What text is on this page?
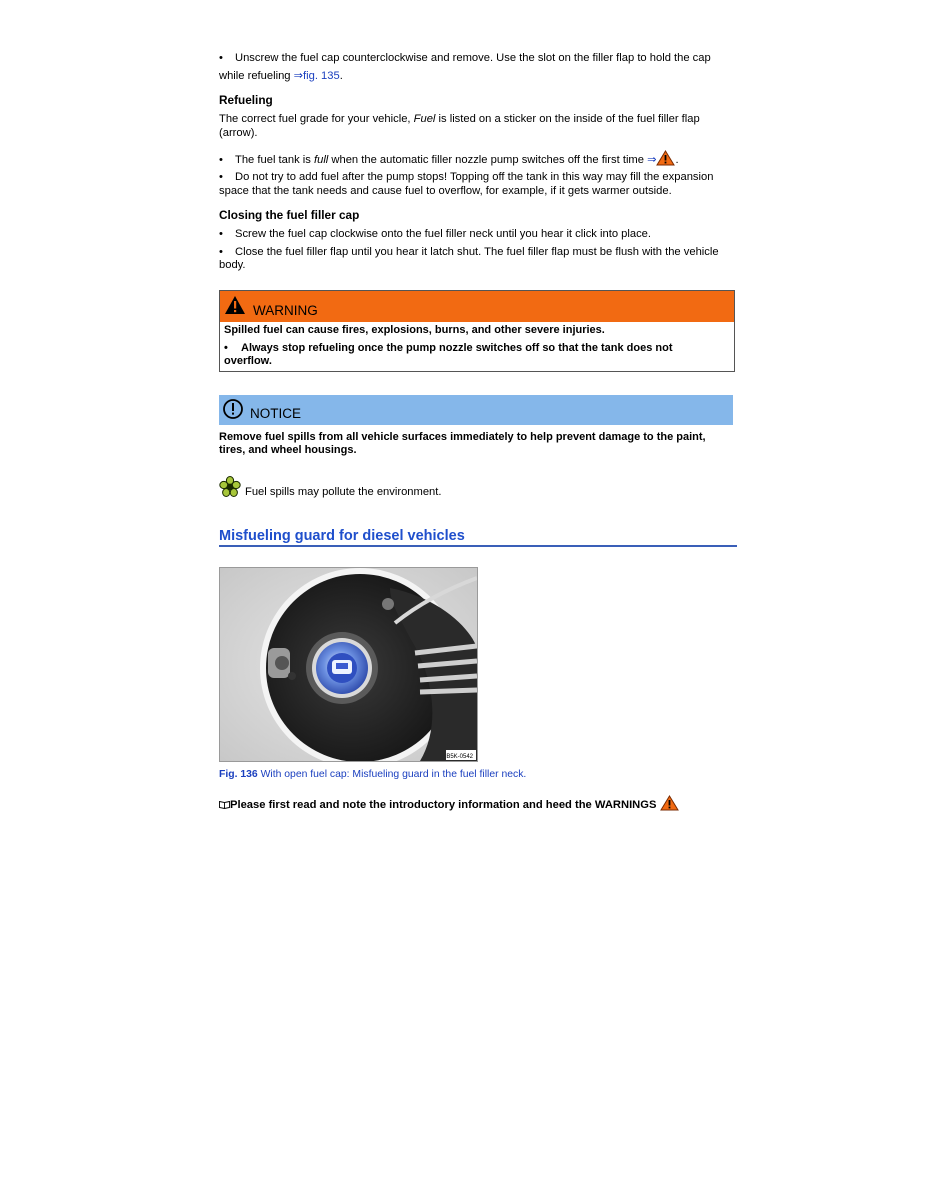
• Unscrew the fuel cap counterclockwise and remove. Use the slot on the filler flap to hold the cap

while refueling ⇒fig. 135.

Refueling

The correct fuel grade for your vehicle, Fuel is listed on a sticker on the inside of the fuel filler flap

(arrow).

• The fuel tank is full when the automatic filler nozzle pump switches off the first time ⇒ .

• Do not try to add fuel after the pump stops! Topping off the tank in this way may fill the expansion

space that the tank needs and cause fuel to overflow, for example, if it gets warmer outside.

Closing the fuel filler cap

• Screw the fuel cap clockwise onto the fuel filler neck until you hear it click into place.

• Close the fuel filler flap until you hear it latch shut. The fuel filler flap must be flush with the vehicle

body.

WARNING
Spilled fuel can cause fires, explosions, burns, and other severe injuries.
• Always stop refueling once the pump nozzle switches off so that the tank does not
overflow.
NOTICE
Remove fuel spills from all vehicle surfaces immediately to help prevent damage to the paint,
tires, and wheel housings.
Fuel spills may pollute the environment.
Misfueling guard for diesel vehicles
B5K-0542

Fig. 136 With open fuel cap: Misfueling guard in the fuel filler neck.

Please first read and note the introductory information and heed the WARNINGS
